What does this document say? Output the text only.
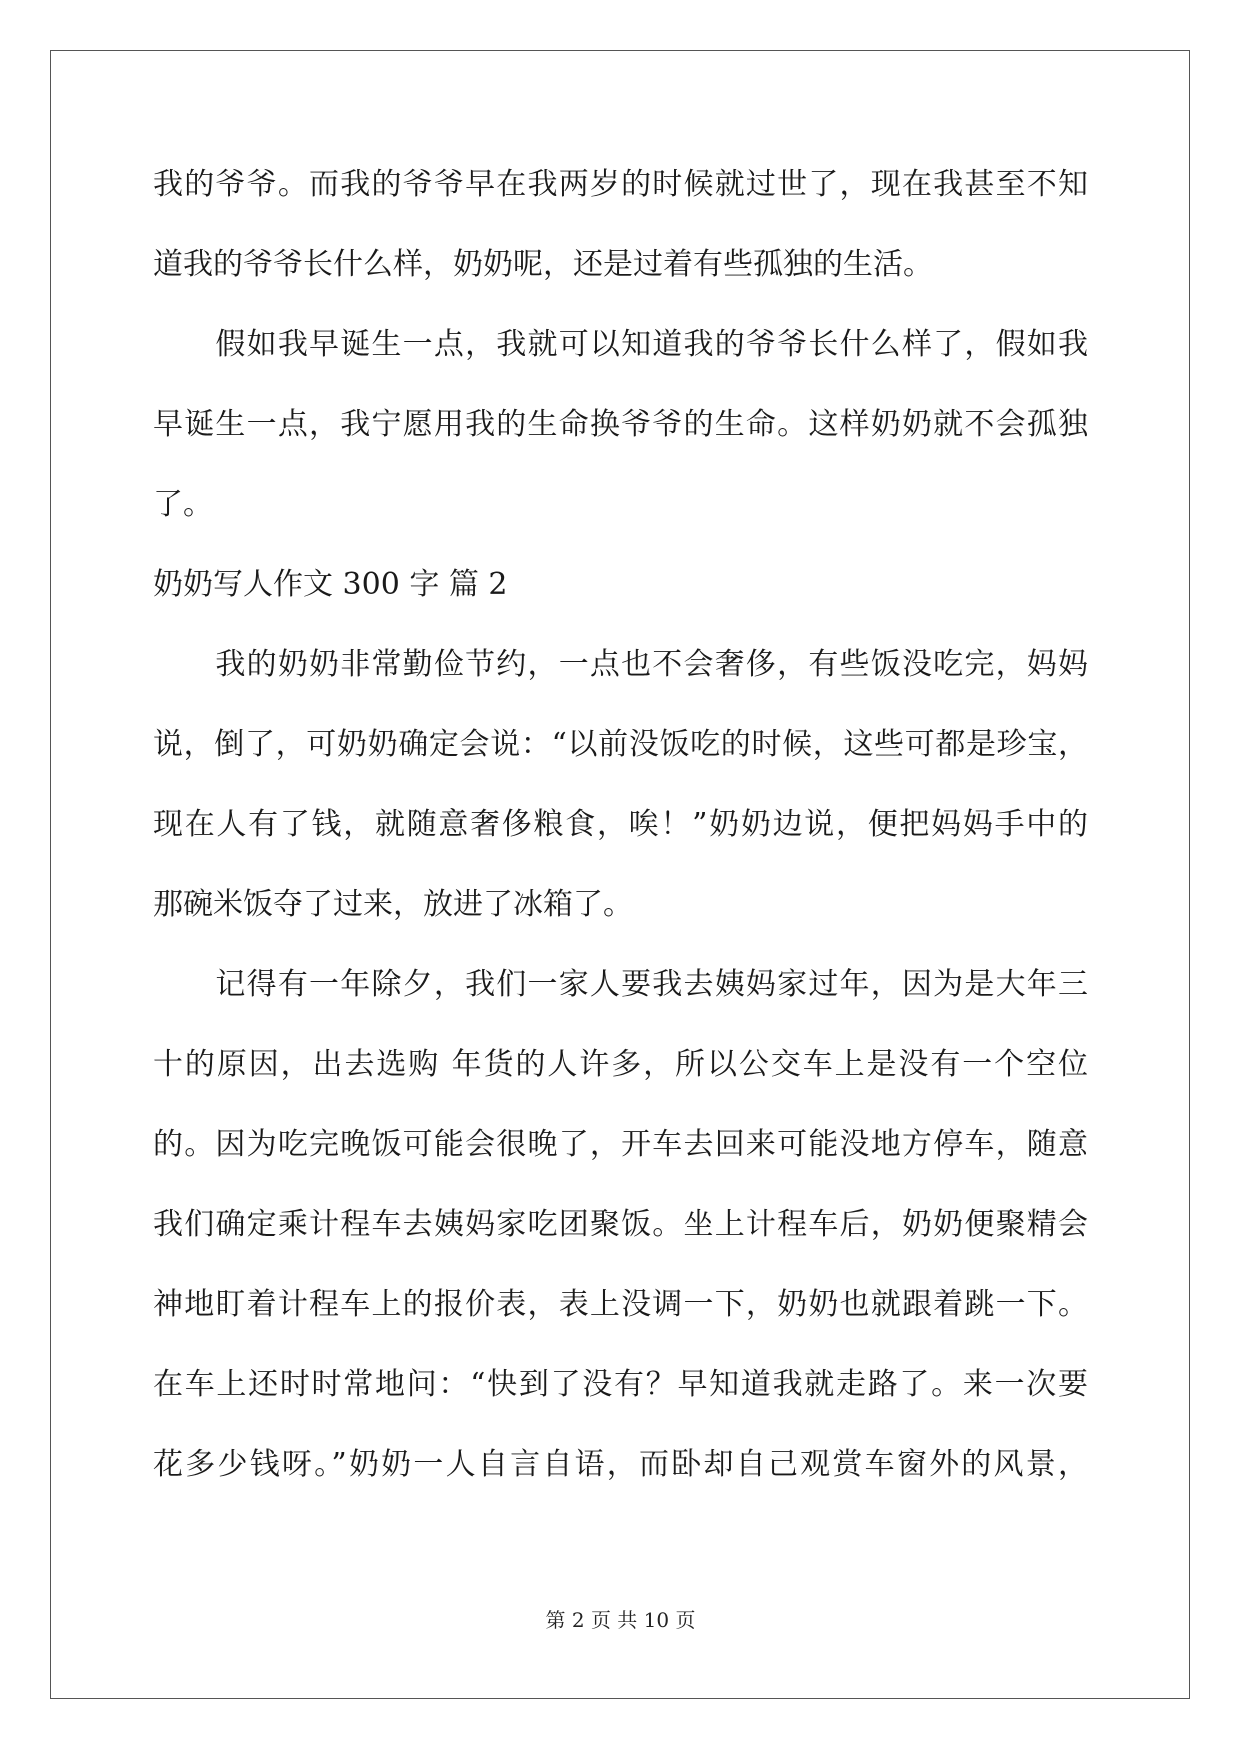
我的爷爷。而我的爷爷早在我两岁的时候就过世了，现在我甚至不知
道我的爷爷长什么样，奶奶呢，还是过着有些孤独的生活。
　　假如我早诞生一点，我就可以知道我的爷爷长什么样了，假如我
早诞生一点，我宁愿用我的生命换爷爷的生命。这样奶奶就不会孤独
了。
奶奶写人作文 300 字 篇 2
　　我的奶奶非常勤俭节约，一点也不会奢侈，有些饭没吃完，妈妈
说，倒了，可奶奶确定会说：“以前没饭吃的时候，这些可都是珍宝，
现在人有了钱，就随意奢侈粮食，唉！”奶奶边说，便把妈妈手中的
那碗米饭夺了过来，放进了冰箱了。
　　记得有一年除夕，我们一家人要我去姨妈家过年，因为是大年三
十的原因，出去选购 年货的人许多，所以公交车上是没有一个空位
的。因为吃完晚饭可能会很晚了，开车去回来可能没地方停车，随意
我们确定乘计程车去姨妈家吃团聚饭。坐上计程车后，奶奶便聚精会
神地盯着计程车上的报价表，表上没调一下，奶奶也就跟着跳一下。
在车上还时时常地问：“快到了没有？早知道我就走路了。来一次要
花多少钱呀。”奶奶一人自言自语，而卧却自己观赏车窗外的风景，
第 2 页 共 10 页
